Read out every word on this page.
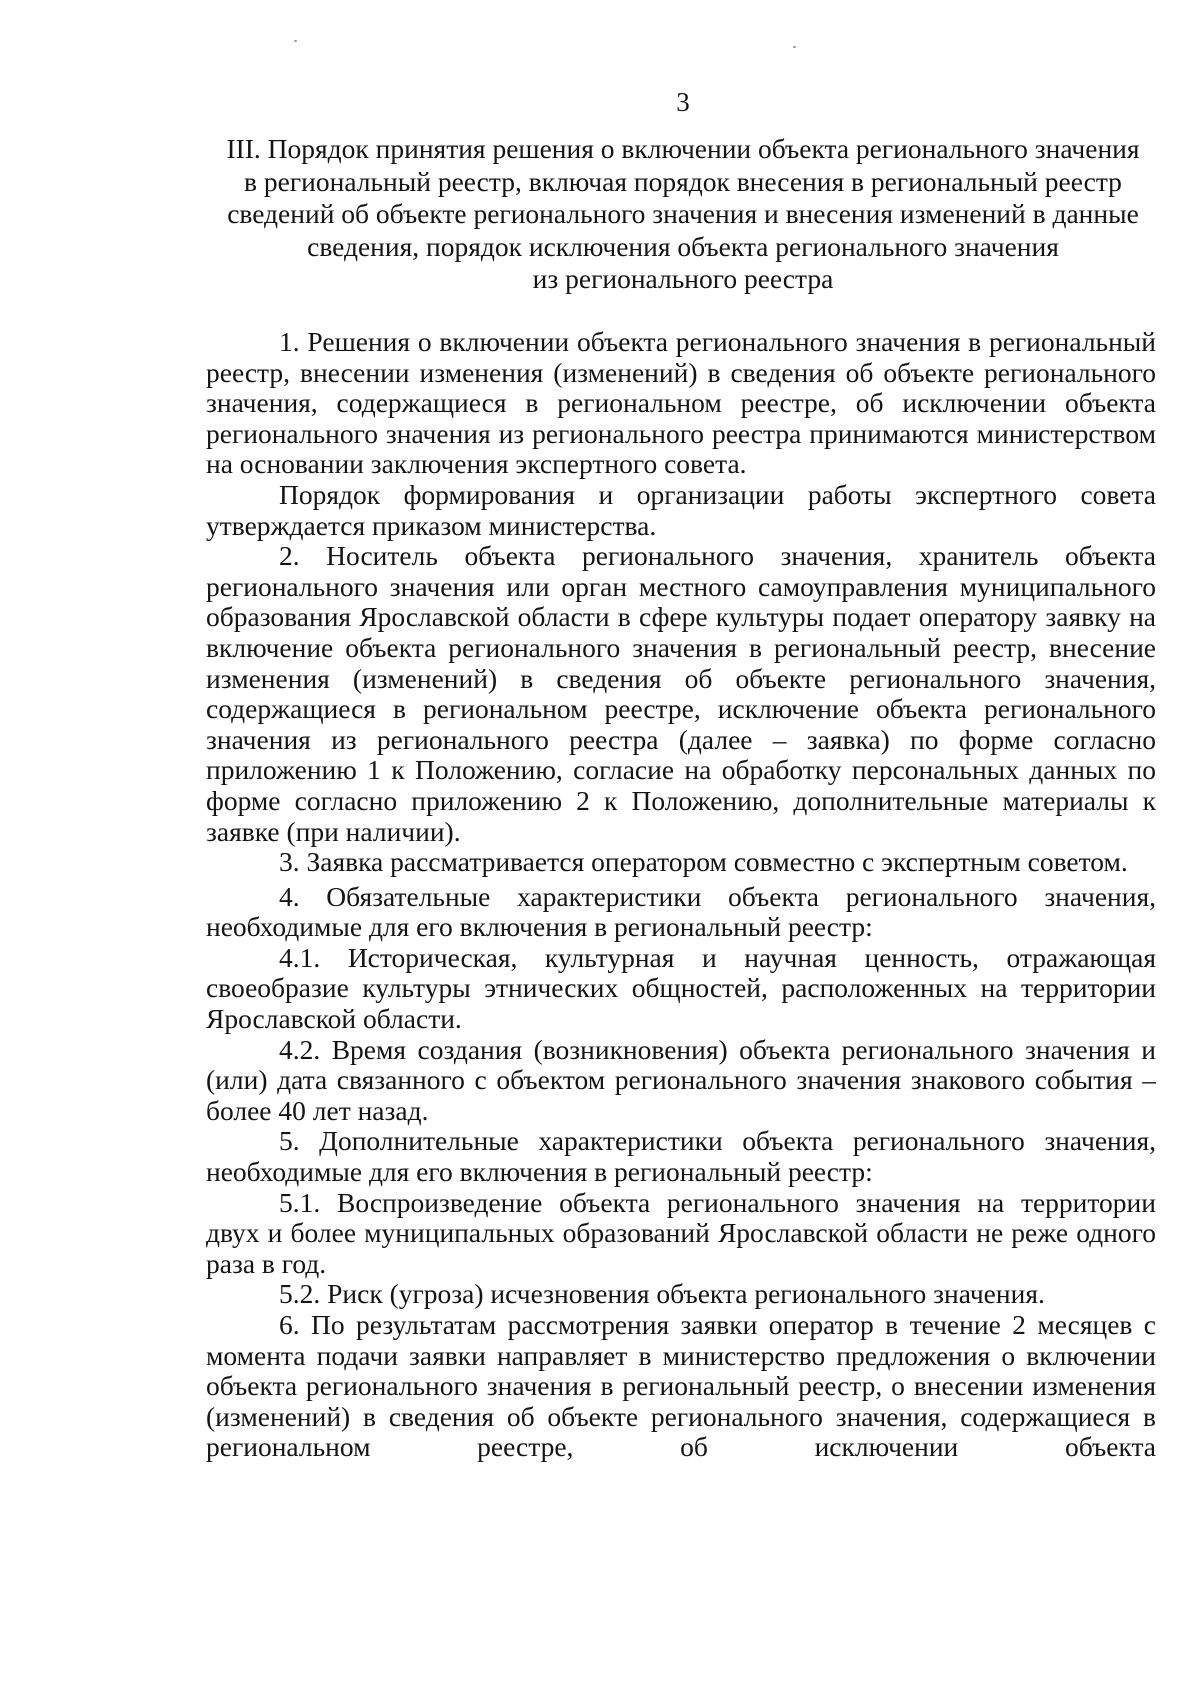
3
III. Порядок принятия решения о включении объекта регионального значения
в региональный реестр, включая порядок внесения в региональный реестр
сведений об объекте регионального значения и внесения изменений в данные
сведения, порядок исключения объекта регионального значения
из регионального реестра

1. Решения о включении объекта регионального значения в региональный реестр, внесении изменения (изменений) в сведения об объекте регионального значения, содержащиеся в региональном реестре, об исключении объекта регионального значения из регионального реестра принимаются министерством на основании заключения экспертного совета.

Порядок формирования и организации работы экспертного совета утверждается приказом министерства.

2. Носитель объекта регионального значения, хранитель объекта регионального значения или орган местного самоуправления муниципального образования Ярославской области в сфере культуры подает оператору заявку на включение объекта регионального значения в региональный реестр, внесение изменения (изменений) в сведения об объекте регионального значения, содержащиеся в региональном реестре, исключение объекта регионального значения из регионального реестра (далее – заявка) по форме согласно приложению 1 к Положению, согласие на обработку персональных данных по форме согласно приложению 2 к Положению, дополнительные материалы к заявке (при наличии).

3. Заявка рассматривается оператором совместно с экспертным советом.

4. Обязательные характеристики объекта регионального значения, необходимые для его включения в региональный реестр:

4.1. Историческая, культурная и научная ценность, отражающая своеобразие культуры этнических общностей, расположенных на территории Ярославской области.

4.2. Время создания (возникновения) объекта регионального значения и (или) дата связанного с объектом регионального значения знакового события – более 40 лет назад.

5. Дополнительные характеристики объекта регионального значения, необходимые для его включения в региональный реестр:

5.1. Воспроизведение объекта регионального значения на территории двух и более муниципальных образований Ярославской области не реже одного раза в год.

5.2. Риск (угроза) исчезновения объекта регионального значения.

6. По результатам рассмотрения заявки оператор в течение 2 месяцев с момента подачи заявки направляет в министерство предложения о включении объекта регионального значения в региональный реестр, о внесении изменения (изменений) в сведения об объекте регионального значения, содержащиеся в региональном реестре, об исключении объекта
